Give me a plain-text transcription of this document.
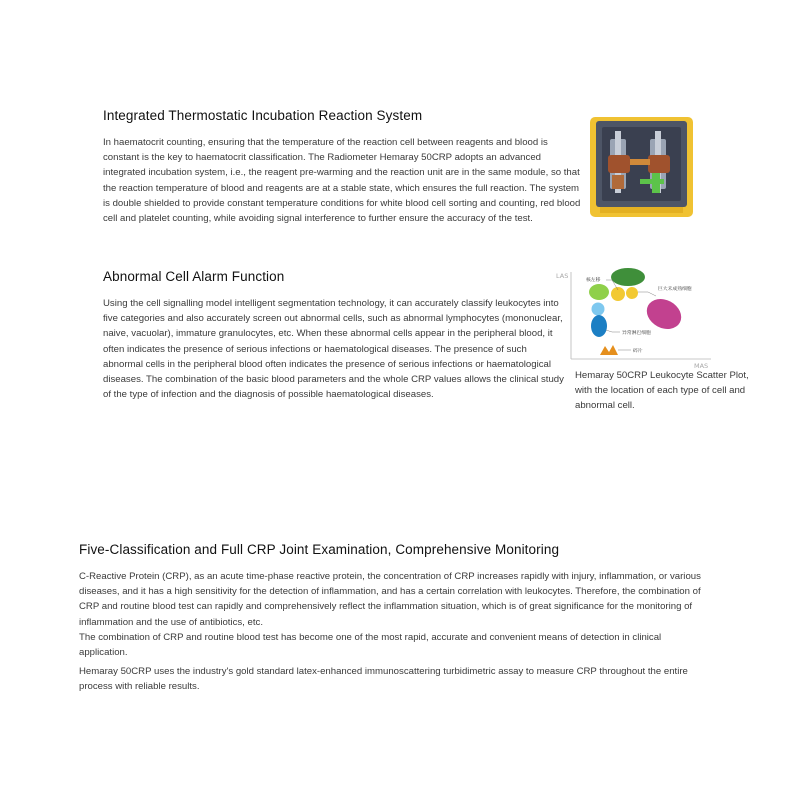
Integrated Thermostatic Incubation Reaction System

In haematocrit counting, ensuring that the temperature of the reaction cell between reagents and blood is constant is the key to haematocrit classification. The Radiometer Hemaray 50CRP adopts an advanced integrated incubation system, i.e., the reagent pre-warming and the reaction unit are in the same module, so that the reaction temperature of blood and reagents are at a stable state, which ensures the full reaction. The system is double shielded to provide constant temperature conditions for white blood cell sorting and counting, red blood cell and platelet counting, while avoiding signal interference to further ensure the accuracy of the test.

Abnormal Cell Alarm Function

Using the cell signalling model intelligent segmentation technology, it can accurately classify leukocytes into five categories and also accurately screen out abnormal cells, such as abnormal lymphocytes (mononuclear, naive, vacuolar), immature granulocytes, etc. When these abnormal cells appear in the peripheral blood, it often indicates the presence of serious infections or haematological diseases. The presence of such abnormal cells in the peripheral blood often indicates the presence of serious infections or haematological diseases. The combination of the basic blood parameters and the whole CRP values allows the clinical study of the type of infection and the diagnosis of possible haematological diseases.

LAS
MAS
核左移
巨大未成熟细胞
异常淋巴细胞
碎片

Hemaray 50CRP Leukocyte Scatter Plot, with the location of each type of cell and abnormal cell.

Five-Classification and Full CRP Joint Examination, Comprehensive Monitoring

C-Reactive Protein (CRP), as an acute time-phase reactive protein, the concentration of CRP increases rapidly with injury, inflammation, or various diseases, and it has a high sensitivity for the detection of inflammation, and has a certain correlation with leukocytes. Therefore, the combination of CRP and routine blood test can rapidly and comprehensively reflect the inflammation situation, which is of great significance for the monitoring of inflammation and the use of antibiotics, etc.

The combination of CRP and routine blood test has become one of the most rapid, accurate and convenient means of detection in clinical application.

Hemaray 50CRP uses the industry's gold standard latex-enhanced immunoscattering turbidimetric assay to measure CRP throughout the entire process with reliable results.
